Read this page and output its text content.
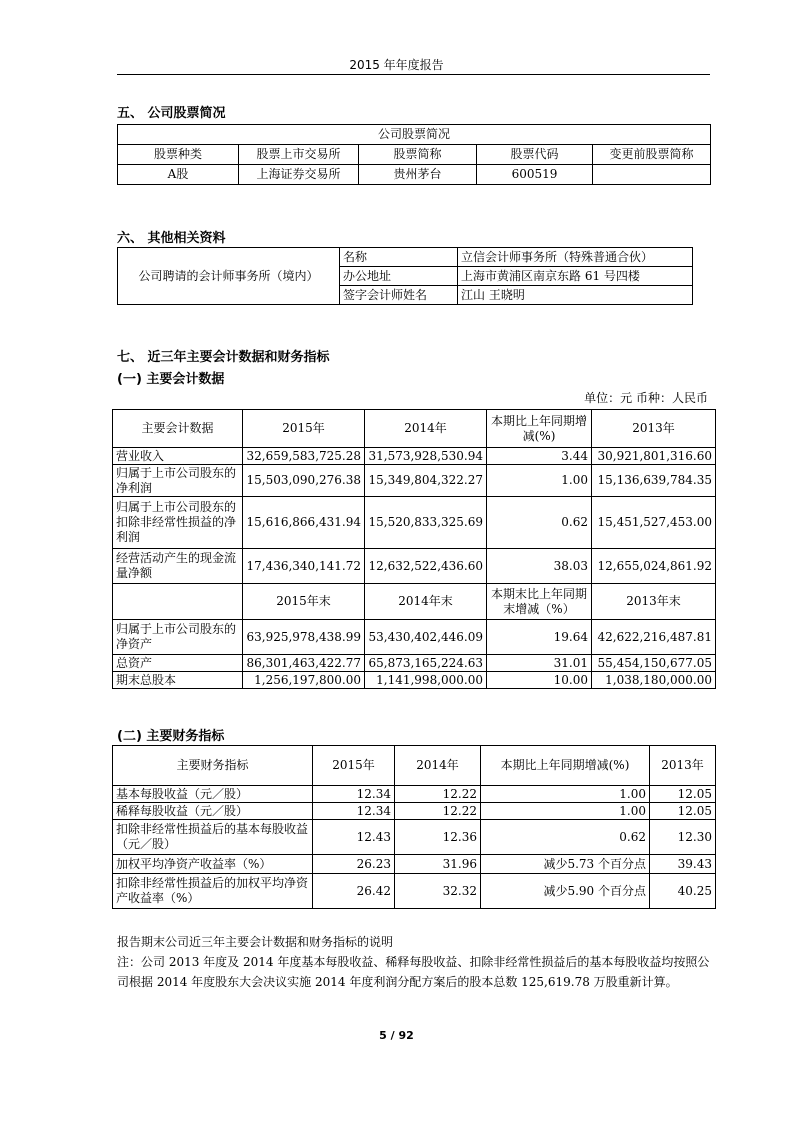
2015 年年度报告
五、 公司股票简况
公司股票简况				
股票种类	股票上市交易所	股票简称	股票代码	变更前股票简称
A股	上海证券交易所	贵州茅台	600519	
六、 其他相关资料
公司聘请的会计师事务所（境内）	名称	立信会计师事务所（特殊普通合伙）
	办公地址	上海市黄浦区南京东路 61 号四楼
	签字会计师姓名	江山 王晓明
七、 近三年主要会计数据和财务指标
(一) 主要会计数据
单位：元 币种：人民币
主要会计数据	2015年	2014年	本期比上年同期增减(%)	2013年
营业收入	32,659,583,725.28	31,573,928,530.94	3.44	30,921,801,316.60
归属于上市公司股东的净利润	15,503,090,276.38	15,349,804,322.27	1.00	15,136,639,784.35
归属于上市公司股东的扣除非经常性损益的净利润	15,616,866,431.94	15,520,833,325.69	0.62	15,451,527,453.00
经营活动产生的现金流量净额	17,436,340,141.72	12,632,522,436.60	38.03	12,655,024,861.92
	2015年末	2014年末	本期末比上年同期末增减（%）	2013年末
归属于上市公司股东的净资产	63,925,978,438.99	53,430,402,446.09	19.64	42,622,216,487.81
总资产	86,301,463,422.77	65,873,165,224.63	31.01	55,454,150,677.05
期末总股本	1,256,197,800.00	1,141,998,000.00	10.00	1,038,180,000.00
(二) 主要财务指标
主要财务指标	2015年	2014年	本期比上年同期增减(%)	2013年
基本每股收益（元／股）	12.34	12.22	1.00	12.05
稀释每股收益（元／股）	12.34	12.22	1.00	12.05
扣除非经常性损益后的基本每股收益（元／股）	12.43	12.36	0.62	12.30
加权平均净资产收益率（%）	26.23	31.96	减少5.73 个百分点	39.43
扣除非经常性损益后的加权平均净资产收益率（%）	26.42	32.32	减少5.90 个百分点	40.25
报告期末公司近三年主要会计数据和财务指标的说明
注：公司 2013 年度及 2014 年度基本每股收益、稀释每股收益、扣除非经常性损益后的基本每股收益均按照公司根据 2014 年度股东大会决议实施 2014 年度利润分配方案后的股本总数 125,619.78 万股重新计算。
5 / 92
